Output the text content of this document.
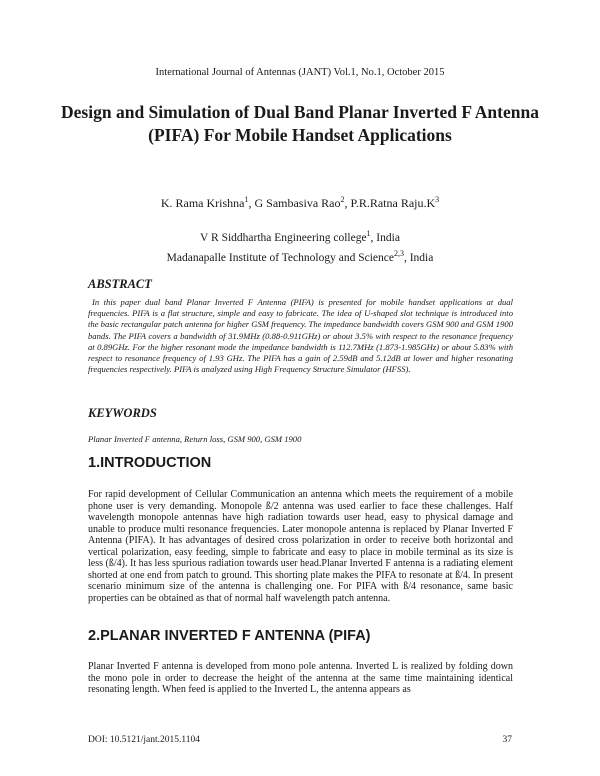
International Journal of Antennas (JANT) Vol.1, No.1, October 2015
Design and Simulation of Dual Band Planar Inverted F Antenna (PIFA) For Mobile Handset Applications
K. Rama Krishna$^1$, G Sambasiva Rao$^2$, P.R.Ratna $Raju.K^3$
V R Siddhartha Engineering college$^1$, India
Madanapalle Institute of Technology and Science$^{2,3}$, India
ABSTRACT
In this paper dual band Planar Inverted F Antenna (PIFA) is presented for mobile handset applications at dual frequencies. PIFA is a flat structure, simple and easy to fabricate. The idea of U-shaped slot technique is introduced into the basic rectangular patch antenna for higher GSM frequency. The impedance bandwidth covers GSM 900 and GSM 1900 bands. The PIFA covers a bandwidth of 31.9MHz (0.88-0.911GHz) or about 3.5% with respect to the resonance frequency at 0.89GHz. For the higher resonant mode the impedance bandwidth is 112.7MHz (1.873-1.985GHz) or about 5.83% with respect to resonance frequency of 1.93 GHz. The PIFA has a gain of 2.59dB and 5.12dB at lower and higher resonating frequencies respectively. PIFA is analyzed using High Frequency Structure Simulator (HFSS).
KEYWORDS
Planar Inverted F antenna, Return loss, GSM 900, GSM 1900
1.INTRODUCTION
For rapid development of Cellular Communication an antenna which meets the requirement of a mobile phone user is very demanding. Monopole ß/2 antenna was used earlier to face these challenges. Half wavelength monopole antennas have high radiation towards user head, easy to physical damage and unable to produce multi resonance frequencies. Later monopole antenna is replaced by Planar Inverted F Antenna (PIFA). It has advantages of desired cross polarization in order to receive both horizontal and vertical polarization, easy feeding, simple to fabricate and easy to place in mobile terminal as its size is less (ß/4). It has less spurious radiation towards user head.Planar Inverted F antenna is a radiating element shorted at one end from patch to ground. This shorting plate makes the PIFA to resonate at ß/4. In present scenario minimum size of the antenna is challenging one. For PIFA with ß/4 resonance, same basic properties can be obtained as that of normal half wavelength patch antenna.
2.PLANAR INVERTED F ANTENNA (PIFA)
Planar Inverted F antenna is developed from mono pole antenna. Inverted L is realized by folding down the mono pole in order to decrease the height of the antenna at the same time maintaining identical resonating length. When feed is applied to the Inverted L, the antenna appears as
DOI: 10.5121/jant.2015.1104	37
